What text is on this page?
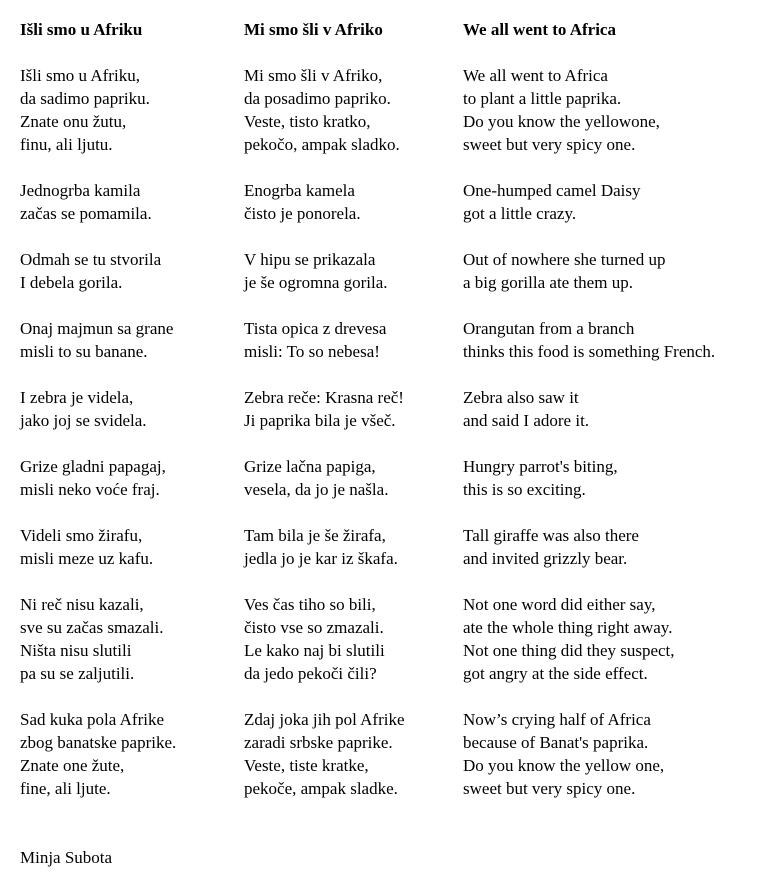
Išli smo u Afriku
Išli smo u Afriku,
da sadimo papriku.
Znate onu žutu,
finu, ali ljutu.
Jednogrba kamila
začas se pomamila.
Odmah se tu stvorila
I debela gorila.
Onaj majmun sa grane
misli to su banane.
I zebra je videla,
jako joj se svidela.
Grize gladni papagaj,
misli neko voće fraj.
Videli smo žirafu,
misli meze uz kafu.
Ni reč nisu kazali,
sve su začas smazali.
Ništa nisu slutili
pa su se zaljutili.
Sad kuka pola Afrike
zbog banatske paprike.
Znate one žute,
fine, ali ljute.
Mi smo šli v Afriko
Mi smo šli v Afriko,
da posadimo papriko.
Veste, tisto kratko,
pekočo, ampak sladko.
Enogrba kamela
čisto je ponorela.
V hipu se prikazala
je še ogromna gorila.
Tista opica z drevesa
misli: To so nebesa!
Zebra reče: Krasna reč!
Ji paprika bila je všeč.
Grize lačna papiga,
vesela, da jo je našla.
Tam bila je še žirafa,
jedla jo je kar iz škafa.
Ves čas tiho so bili,
čisto vse so zmazali.
Le kako naj bi slutili
da jedo pekoči čili?
Zdaj joka jih pol Afrike
zaradi srbske paprike.
Veste, tiste kratke,
pekoče, ampak sladke.
We all went to Africa
We all went to Africa
to plant a little paprika.
Do you know the yellowone,
sweet but very spicy one.
One-humped camel Daisy
got a little crazy.
Out of nowhere she turned up
a big gorilla ate them up.
Orangutan from a branch
thinks this food is something French.
Zebra also saw it
and said I adore it.
Hungry parrot's biting,
this is so exciting.
Tall giraffe was also there
and invited grizzly bear.
Not one word did either say,
ate the whole thing right away.
Not one thing did they suspect,
got angry at the side effect.
Now’s crying half of Africa
because of Banat's paprika.
Do you know the yellow one,
sweet but very spicy one.
Minja Subota
